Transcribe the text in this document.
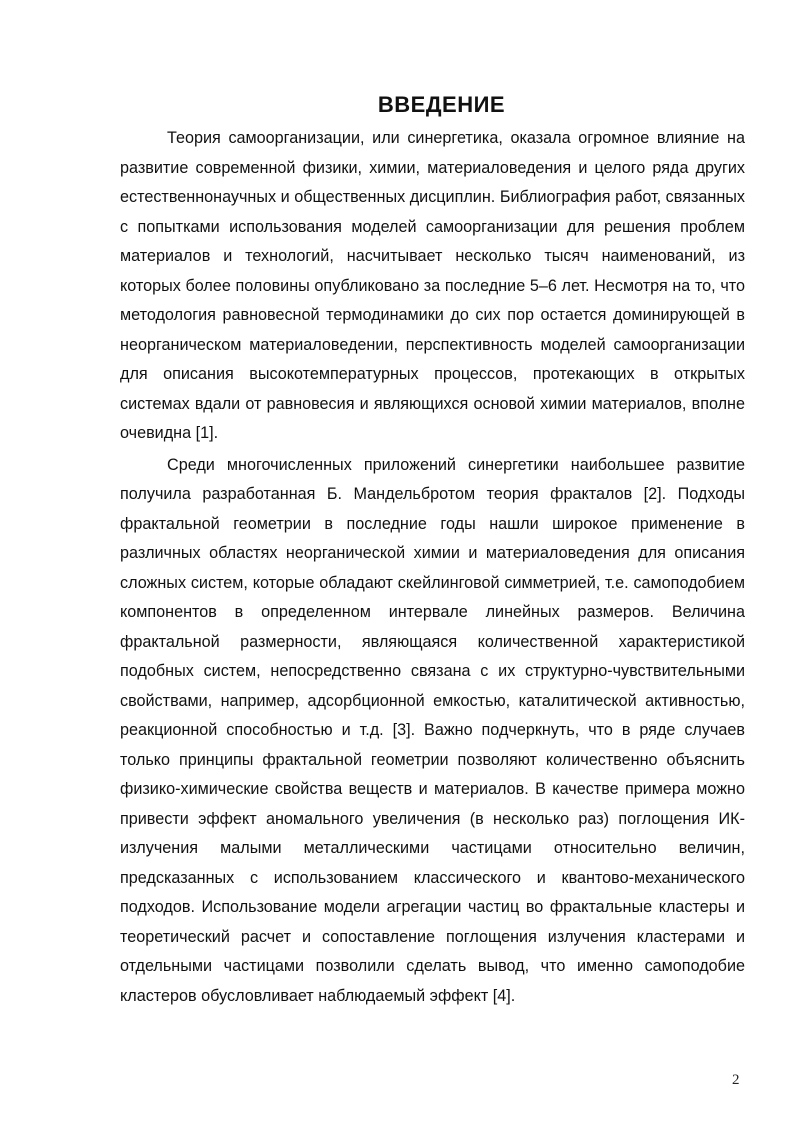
ВВЕДЕНИЕ

Теория самоорганизации, или синергетика, оказала огромное влияние на развитие современной физики, химии, материаловедения и целого ряда других естественнонаучных и общественных дисциплин. Библиография работ, связанных с попытками использования моделей самоорганизации для решения проблем материалов и технологий, насчитывает несколько тысяч наименований, из которых более половины опубликовано за последние 5–6 лет. Несмотря на то, что методология равновесной термодинамики до сих пор остается доминирующей в неорганическом материаловедении, перспективность моделей самоорганизации для описания высокотемпературных процессов, протекающих в открытых системах вдали от равновесия и являющихся основой химии материалов, вполне очевидна [1].

Среди многочисленных приложений синергетики наибольшее развитие получила разработанная Б. Мандельбротом теория фракталов [2]. Подходы фрактальной геометрии в последние годы нашли широкое применение в различных областях неорганической химии и материаловедения для описания сложных систем, которые обладают скейлинговой симметрией, т.е. самоподобием компонентов в определенном интервале линейных размеров. Величина фрактальной размерности, являющаяся количественной характеристикой подобных систем, непосредственно связана с их структурно-чувствительными свойствами, например, адсорбционной емкостью, каталитической активностью, реакционной способностью и т.д. [3]. Важно подчеркнуть, что в ряде случаев только принципы фрактальной геометрии позволяют количественно объяснить физико-химические свойства веществ и материалов. В качестве примера можно привести эффект аномального увеличения (в несколько раз) поглощения ИК-излучения малыми металлическими частицами относительно величин, предсказанных с использованием классического и квантово-механического подходов. Использование модели агрегации частиц во фрактальные кластеры и теоретический расчет и сопоставление поглощения излучения кластерами и отдельными частицами позволили сделать вывод, что именно самоподобие кластеров обусловливает наблюдаемый эффект [4].

2
